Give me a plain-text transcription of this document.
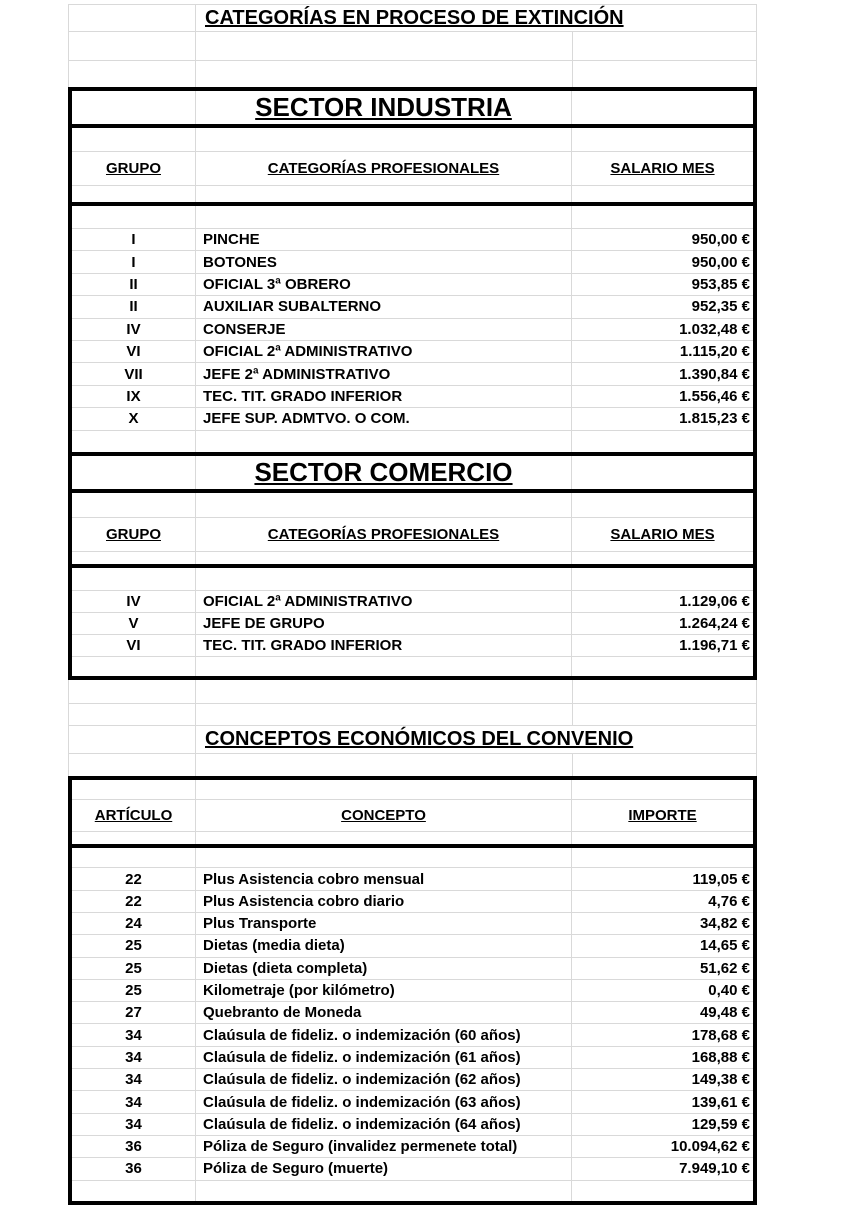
CATEGORÍAS EN PROCESO DE EXTINCIÓN
SECTOR INDUSTRIA
GRUPO	CATEGORÍAS PROFESIONALES	SALARIO MES
I	PINCHE	950,00 €
I	BOTONES	950,00 €
II	OFICIAL 3ª OBRERO	953,85 €
II	AUXILIAR SUBALTERNO	952,35 €
IV	CONSERJE	1.032,48 €
VI	OFICIAL 2ª ADMINISTRATIVO	1.115,20 €
VII	JEFE 2ª ADMINISTRATIVO	1.390,84 €
IX	TEC. TIT. GRADO INFERIOR	1.556,46 €
X	JEFE SUP. ADMTVO. O COM.	1.815,23 €
SECTOR COMERCIO
GRUPO	CATEGORÍAS PROFESIONALES	SALARIO MES
IV	OFICIAL 2ª ADMINISTRATIVO	1.129,06 €
V	JEFE DE GRUPO	1.264,24 €
VI	TEC. TIT. GRADO INFERIOR	1.196,71 €
CONCEPTOS ECONÓMICOS DEL CONVENIO
ARTÍCULO	CONCEPTO	IMPORTE
22	Plus Asistencia cobro mensual	119,05 €
22	Plus Asistencia cobro diario	4,76 €
24	Plus Transporte	34,82 €
25	Dietas (media dieta)	14,65 €
25	Dietas (dieta completa)	51,62 €
25	Kilometraje (por kilómetro)	0,40 €
27	Quebranto de Moneda	49,48 €
34	Claúsula de fideliz. o indemización (60 años)	178,68 €
34	Claúsula de fideliz. o indemización (61 años)	168,88 €
34	Claúsula de fideliz. o indemización (62 años)	149,38 €
34	Claúsula de fideliz. o indemización (63 años)	139,61 €
34	Claúsula de fideliz. o indemización (64 años)	129,59 €
36	Póliza de Seguro (invalidez permenete total)	10.094,62 €
36	Póliza de Seguro (muerte)	7.949,10 €
